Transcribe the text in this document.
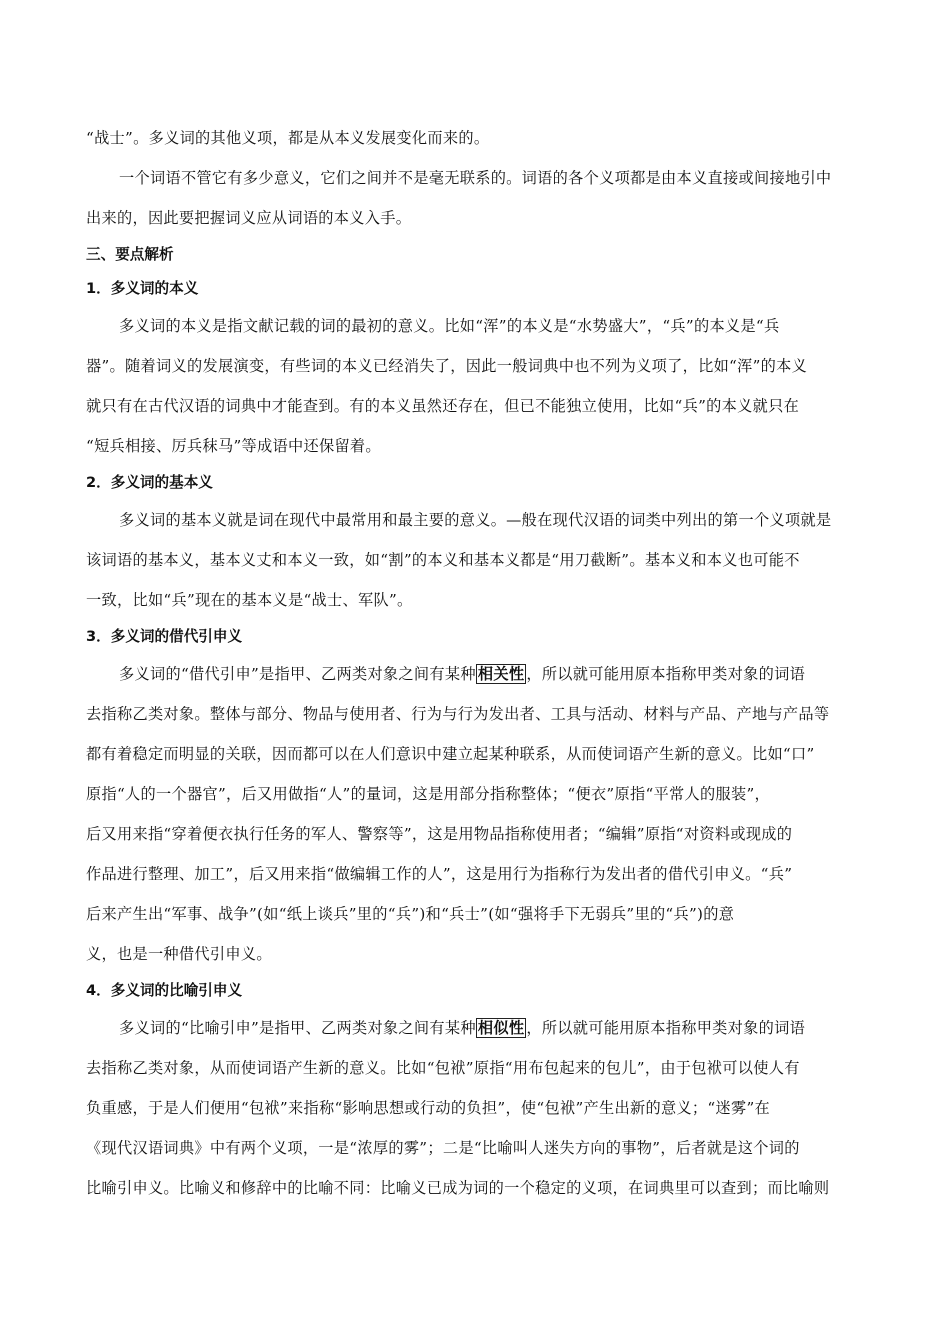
“战士”。多义词的其他义项，都是从本义发展变化而来的。
一个词语不管它有多少意义，它们之间并不是毫无联系的。词语的各个义项都是由本义直接或间接地引中
出来的，因此要把握词义应从词语的本义入手。
三、要点解析
1．多义词的本义
多义词的本义是指文献记载的词的最初的意义。比如“浑”的本义是“水势盛大”，“兵”的本义是“兵
器”。随着词义的发展演变，有些词的本义已经消失了，因此一般词典中也不列为义项了，比如“浑”的本义
就只有在古代汉语的词典中才能查到。有的本义虽然还存在，但已不能独立使用，比如“兵”的本义就只在
“短兵相接、厉兵秣马”等成语中还保留着。
2．多义词的基本义
多义词的基本义就是词在现代中最常用和最主要的意义。—般在现代汉语的词类中列出的第一个义项就是
该词语的基本义，基本义丈和本义一致，如“割”的本义和基本义都是“用刀截断”。基本义和本义也可能不
一致，比如“兵”现在的基本义是“战士、军队”。
3．多义词的借代引申义
多义词的“借代引申”是指甲、乙两类对象之间有某种 相关性 ，所以就可能用原本指称甲类对象的词语
去指称乙类对象。整体与部分、物品与使用者、行为与行为发出者、工具与活动、材料与产品、产地与产品等
都有着稳定而明显的关联，因而都可以在人们意识中建立起某种联系，从而使词语产生新的意义。比如“口”
原指“人的一个器官”，后又用做指“人”的量词，这是用部分指称整体；“便衣”原指“平常人的服装”，
后又用来指“穿着便衣执行任务的军人、警察等”，这是用物品指称使用者；“编辑”原指“对资料或现成的
作品进行整理、加工”，后又用来指“做编辑工作的人”，这是用行为指称行为发出者的借代引申义。“兵”
后来产生出“军事、战争”(如“纸上谈兵”里的“兵”)和“兵士”(如“强将手下无弱兵”里的“兵”)的意
义，也是一种借代引申义。
4．多义词的比喻引申义
多义词的“比喻引申”是指甲、乙两类对象之间有某种 相似性 ，所以就可能用原本指称甲类对象的词语
去指称乙类对象，从而使词语产生新的意义。比如“包袱”原指“用布包起来的包儿”，由于包袱可以使人有
负重感，于是人们便用“包袱”来指称“影响思想或行动的负担”，使“包袱”产生出新的意义；“迷雾”在
《现代汉语词典》中有两个义项，一是“浓厚的雾”；二是“比喻叫人迷失方向的事物”，后者就是这个词的
比喻引申义。比喻义和修辞中的比喻不同：比喻义已成为词的一个稳定的义项，在词典里可以查到；而比喻则
